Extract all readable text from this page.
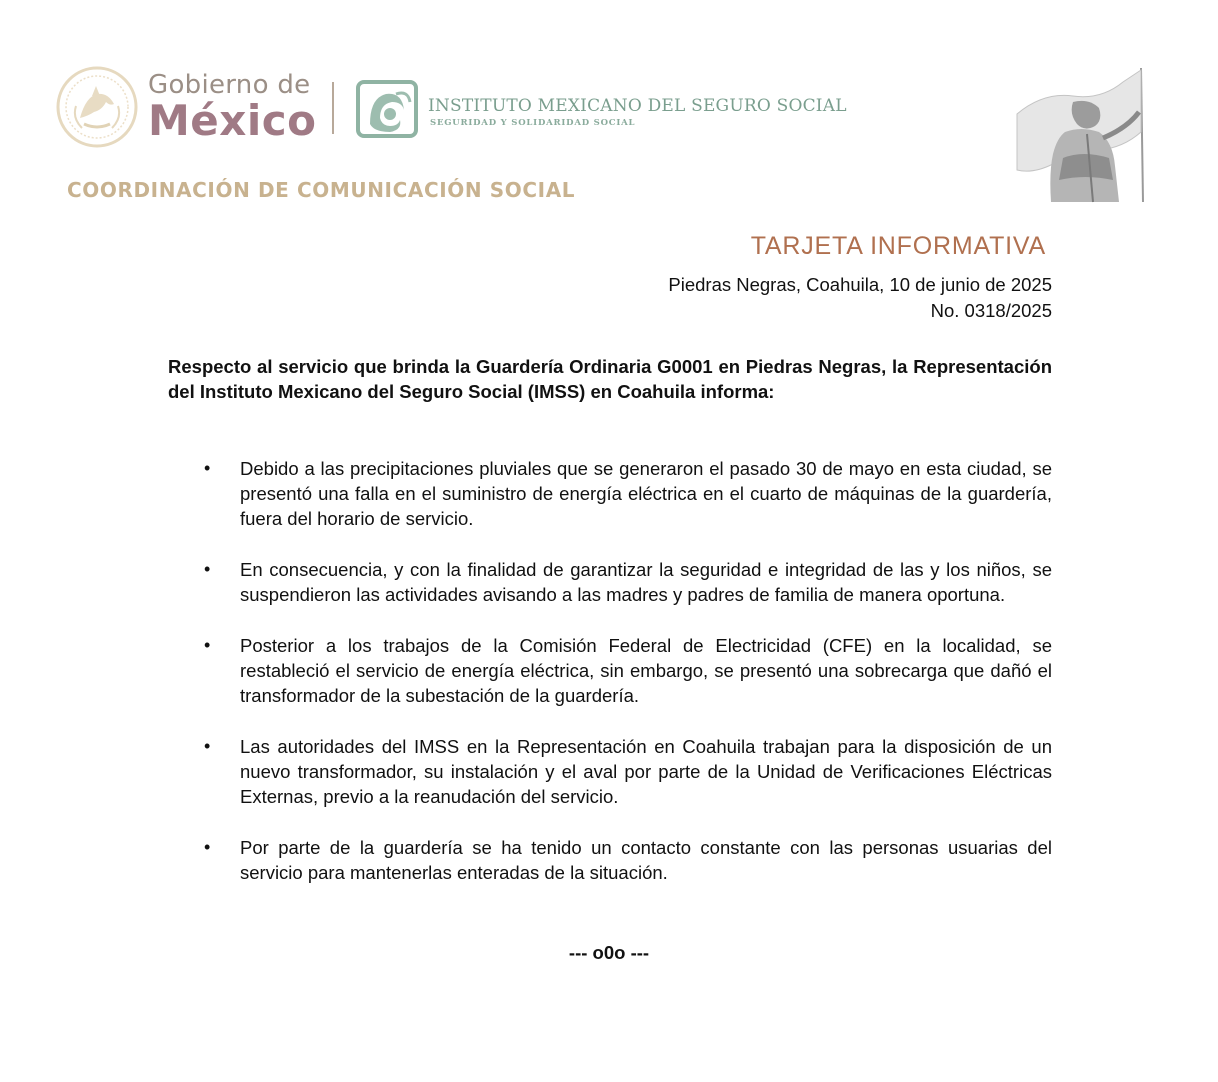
Gobierno de
México	INSTITUTO MEXICANO DEL SEGURO SOCIAL
SEGURIDAD Y SOLIDARIDAD SOCIAL
COORDINACIÓN DE COMUNICACIÓN SOCIAL
TARJETA INFORMATIVA
Piedras Negras, Coahuila, 10 de junio de 2025
No. 0318/2025
Respecto al servicio que brinda la Guardería Ordinaria G0001 en Piedras Negras, la Representación del Instituto Mexicano del Seguro Social (IMSS) en Coahuila informa:
• Debido a las precipitaciones pluviales que se generaron el pasado 30 de mayo en esta ciudad, se presentó una falla en el suministro de energía eléctrica en el cuarto de máquinas de la guardería, fuera del horario de servicio.
• En consecuencia, y con la finalidad de garantizar la seguridad e integridad de las y los niños, se suspendieron las actividades avisando a las madres y padres de familia de manera oportuna.
• Posterior a los trabajos de la Comisión Federal de Electricidad (CFE) en la localidad, se restableció el servicio de energía eléctrica, sin embargo, se presentó una sobrecarga que dañó el transformador de la subestación de la guardería.
• Las autoridades del IMSS en la Representación en Coahuila trabajan para la disposición de un nuevo transformador, su instalación y el aval por parte de la Unidad de Verificaciones Eléctricas Externas, previo a la reanudación del servicio.
• Por parte de la guardería se ha tenido un contacto constante con las personas usuarias del servicio para mantenerlas enteradas de la situación.
--- o0o ---
